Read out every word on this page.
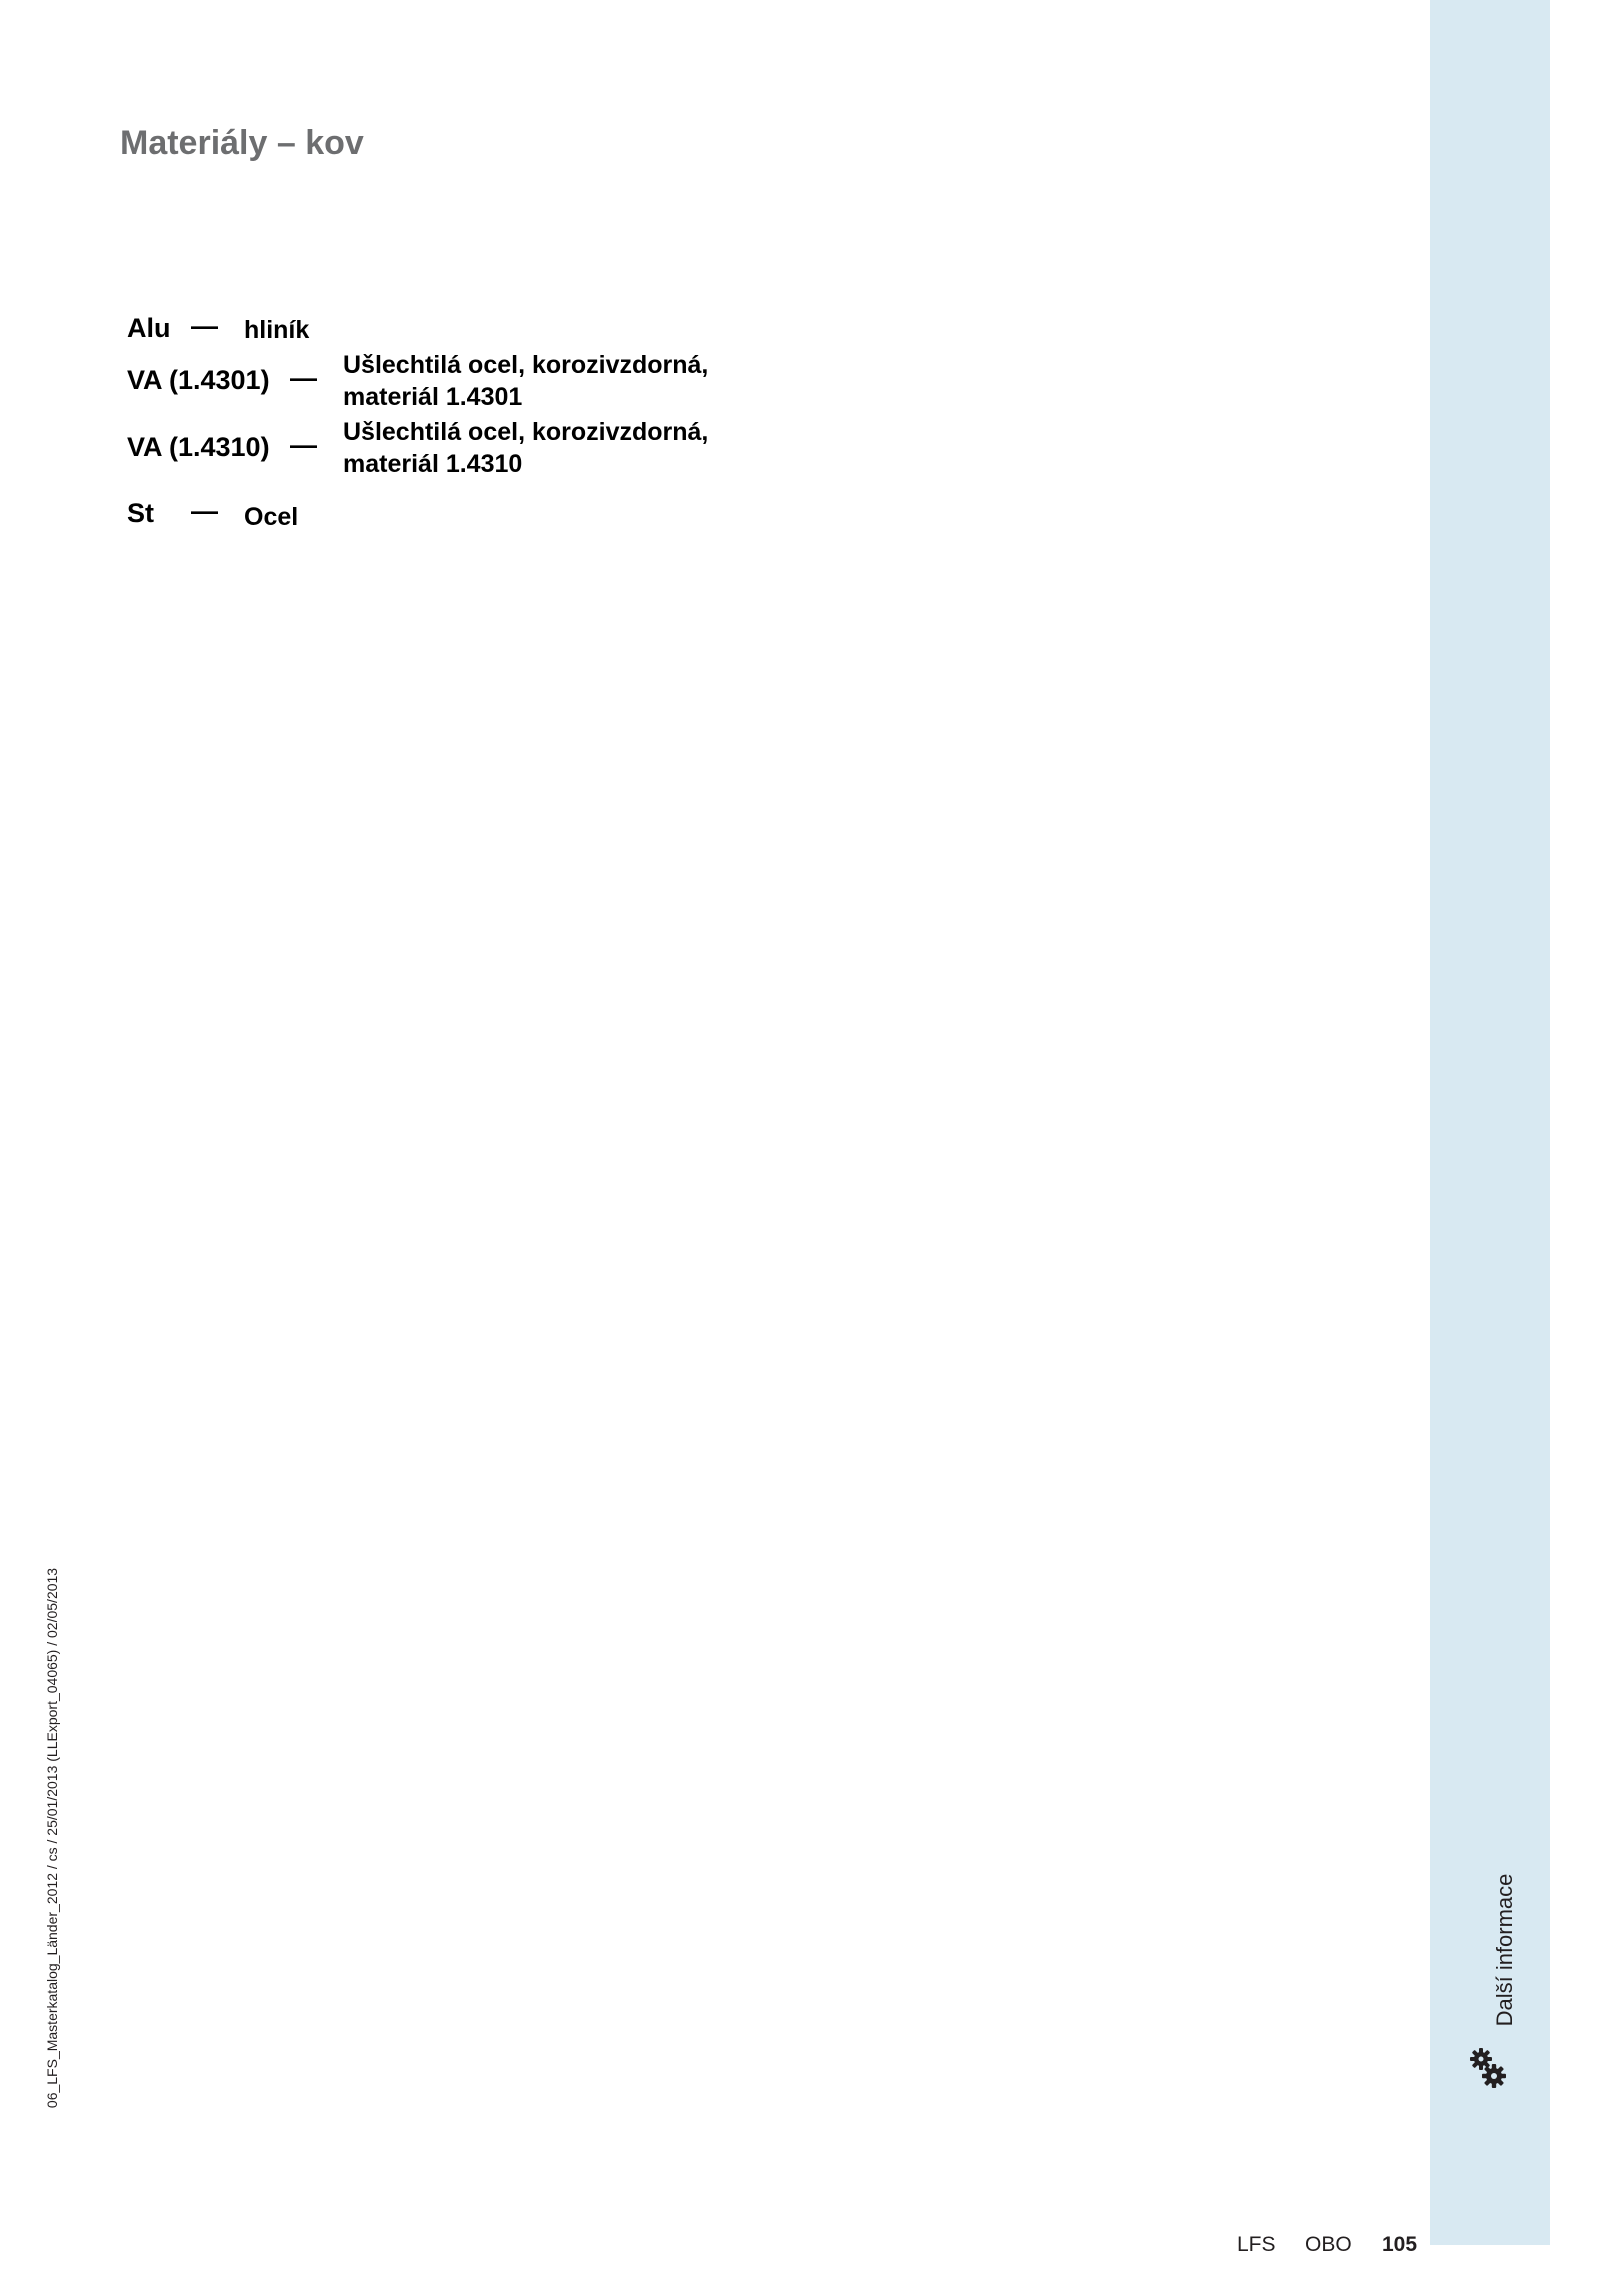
Materiály – kov
Alu — hliník
VA (1.4301) — Ušlechtilá ocel, korozivzdorná,
materiál 1.4301
VA (1.4310) — Ušlechtilá ocel, korozivzdorná,
materiál 1.4310
St — Ocel
06_LFS_Masterkatalog_Länder_2012 / cs / 25/01/2013 (LLExport_04065) / 02/05/2013	Další informace
LFS OBO 105
